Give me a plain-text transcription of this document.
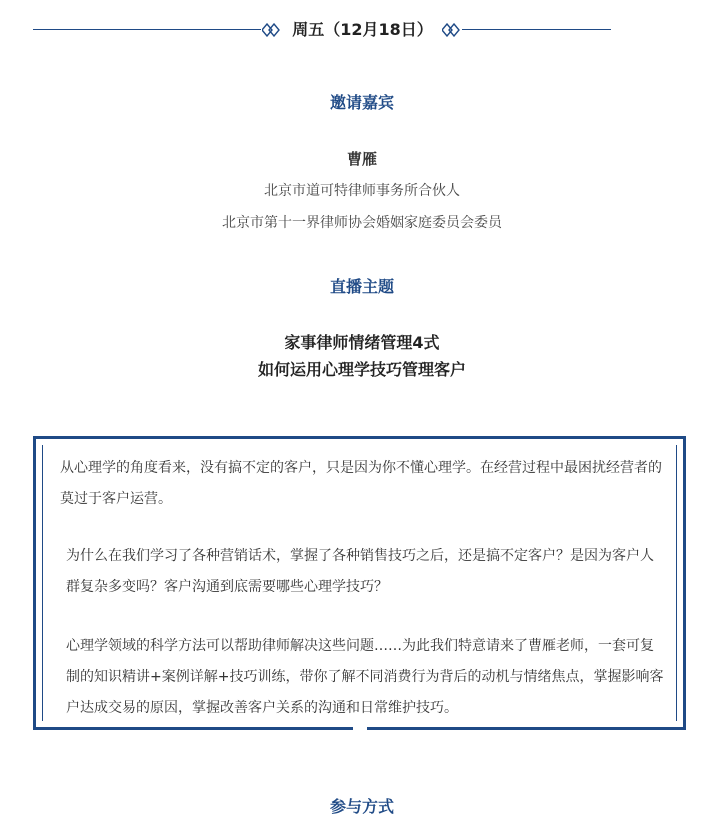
周五（12月18日）
邀请嘉宾
曹雁
北京市道可特律师事务所合伙人
北京市第十一界律师协会婚姻家庭委员会委员
直播主题
家事律师情绪管理4式
如何运用心理学技巧管理客户
从心理学的角度看来，没有搞不定的客户，只是因为你不懂心理学。在经营过程中最困扰经营者的莫过于客户运营。
为什么在我们学习了各种营销话术，掌握了各种销售技巧之后，还是搞不定客户？是因为客户人群复杂多变吗？客户沟通到底需要哪些心理学技巧？
心理学领域的科学方法可以帮助律师解决这些问题……为此我们特意请来了曹雁老师，一套可复制的知识精讲+案例详解+技巧训练，带你了解不同消费行为背后的动机与情绪焦点，掌握影响客户达成交易的原因，掌握改善客户关系的沟通和日常维护技巧。
参与方式
